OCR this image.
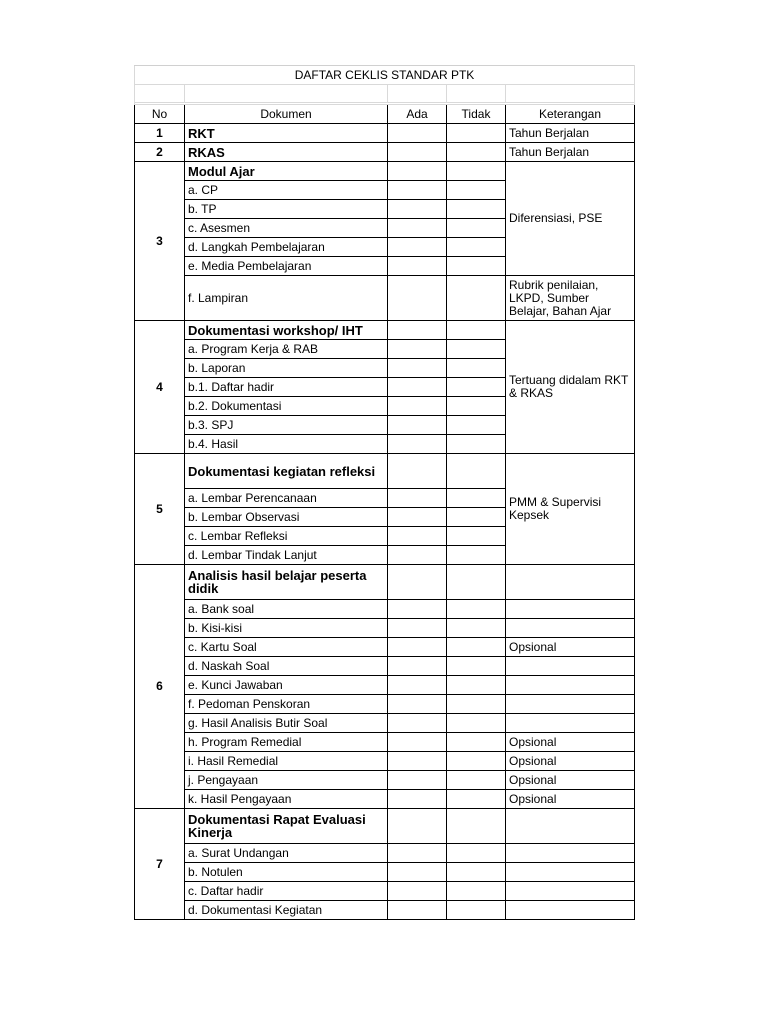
DAFTAR CEKLIS STANDAR PTK				

No	Dokumen	Ada	Tidak	Keterangan
1	RKT			Tahun Berjalan
2	RKAS			Tahun Berjalan
3	Modul Ajar			Diferensiasi, PSE
	a. CP			
	b. TP			
	c. Asesmen			
	d. Langkah Pembelajaran			
	e. Media Pembelajaran			
	f. Lampiran			Rubrik penilaian, LKPD, Sumber Belajar, Bahan Ajar
4	Dokumentasi workshop/ IHT			Tertuang didalam RKT & RKAS
	a. Program Kerja & RAB			
	b. Laporan			
	b.1. Daftar hadir			
	b.2. Dokumentasi			
	b.3. SPJ			
	b.4. Hasil			
5	Dokumentasi kegiatan refleksi			PMM & Supervisi Kepsek
	a. Lembar Perencanaan			
	b. Lembar Observasi			
	c. Lembar Refleksi			
	d. Lembar Tindak Lanjut			
6	Analisis hasil belajar peserta didik			
	a. Bank soal			
	b. Kisi-kisi			
	c. Kartu Soal			Opsional
	d. Naskah Soal			
	e. Kunci Jawaban			
	f. Pedoman Penskoran			
	g. Hasil Analisis Butir Soal			
	h. Program Remedial			Opsional
	i. Hasil Remedial			Opsional
	j. Pengayaan			Opsional
	k. Hasil Pengayaan			Opsional
7	Dokumentasi Rapat Evaluasi Kinerja			
	a. Surat Undangan			
	b. Notulen			
	c. Daftar hadir			
	d. Dokumentasi Kegiatan			
